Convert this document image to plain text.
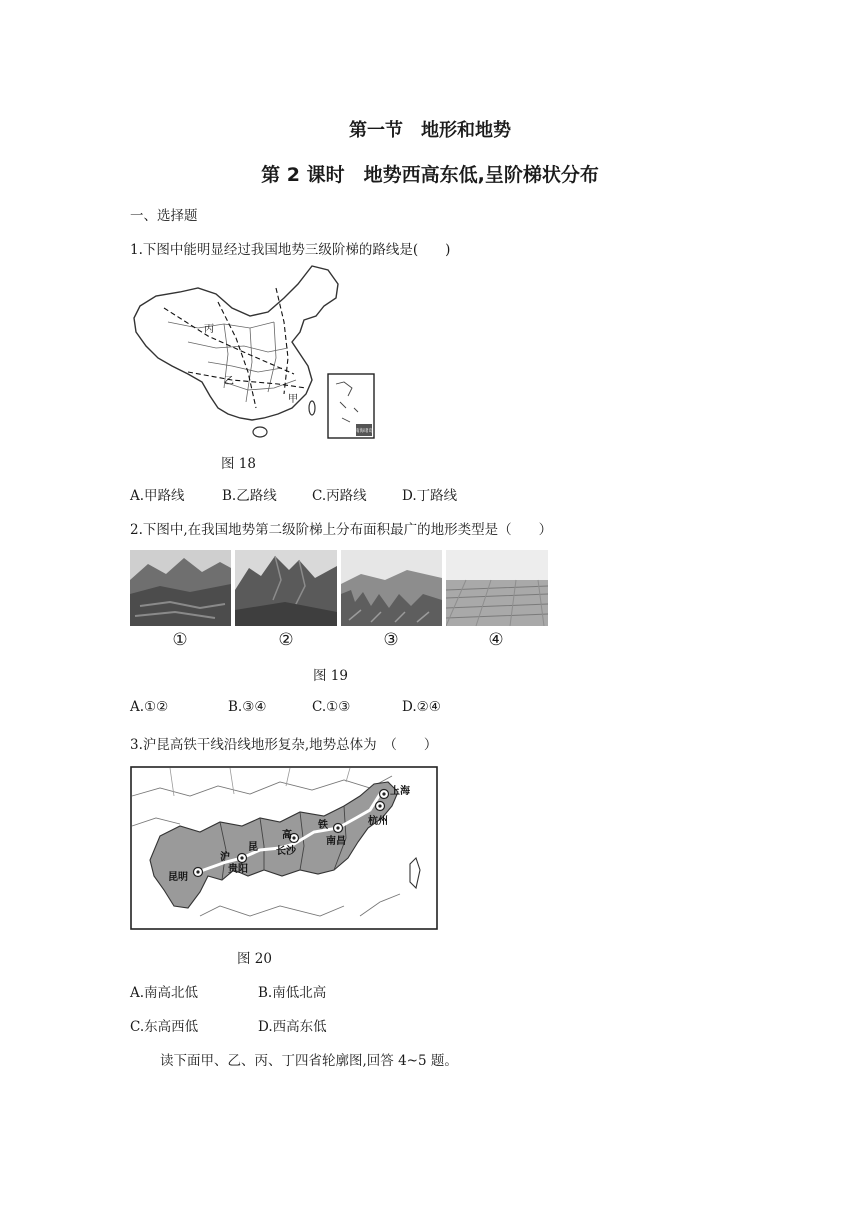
第一节　地形和地势
第 2 课时　地势西高东低,呈阶梯状分布
一、选择题
1.下图中能明显经过我国地势三级阶梯的路线是(　　)
丙
乙
甲
南海诸岛
图 18
A.甲路线	B.乙路线	C.丙路线	D.丁路线
2.下图中,在我国地势第二级阶梯上分布面积最广的地形类型是（　　）
①	②	③	④
图 19
A.①②	B.③④	C.①③	D.②④
3.沪昆高铁干线沿线地形复杂,地势总体为　（　　）
上海
杭州
南昌
长沙
贵阳
昆明
沪
昆
高
铁
图 20
A.南高北低	B.南低北高
C.东高西低	D.西高东低
读下面甲、乙、丙、丁四省轮廓图,回答 4~5 题。
